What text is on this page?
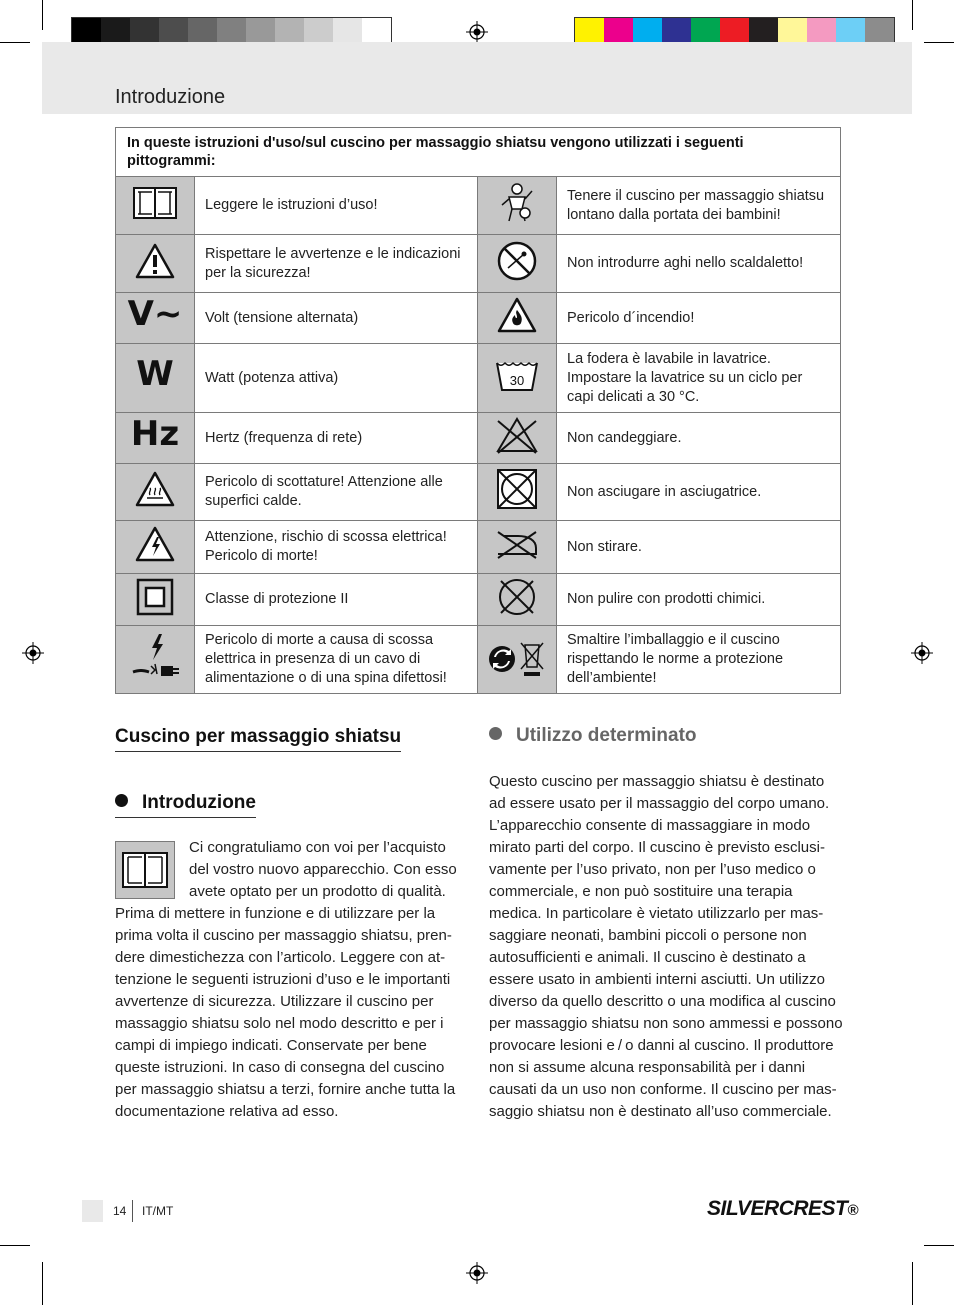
Introduzione
In queste istruzioni d'uso/sul cuscino per massaggio shiatsu vengono utilizzati i seguenti pittogrammi:			
	Leggere le istruzioni d’uso!		Tenere il cuscino per massaggio shiatsu lontano dalla portata dei bambini!
	Rispettare le avvertenze e le indicazioni per la sicurezza!		Non introdurre aghi nello scaldaletto!
V~	Volt (tensione alternata)		Pericolo d´incendio!
W	Watt (potenza attiva)	30	La fodera è lavabile in lavatrice. Impostare la lavatrice su un ciclo per capi delicati a 30 °C.
Hz	Hertz (frequenza di rete)		Non candeggiare.
	Pericolo di scottature! Attenzione alle superfici calde.		Non asciugare in asciugatrice.
	Attenzione, rischio di scossa elettrica! Pericolo di morte!		Non stirare.
	Classe di protezione II		Non pulire con prodotti chimici.
	Pericolo di morte a causa di scossa elettrica in presenza di un cavo di alimentazione o di una spina difettosi!		Smaltire l’imballaggio e il cuscino rispettando le norme a protezione dell’ambiente!
Cuscino per massaggio shiatsu
Introduzione
Ci congratuliamo con voi per l’acquisto
del vostro nuovo apparecchio. Con esso
avete optato per un prodotto di qualità.
Prima di mettere in funzione e di utilizzare per la
prima volta il cuscino per massaggio shiatsu, pren-
dere dimestichezza con l’articolo. Leggere con at-
tenzione le seguenti istruzioni d’uso e le importanti
avvertenze di sicurezza. Utilizzare il cuscino per
massaggio shiatsu solo nel modo descritto e per i
campi di impiego indicati. Conservate per bene
queste istruzioni. In caso di consegna del cuscino
per massaggio shiatsu a terzi, fornire anche tutta la
documentazione relativa ad esso.
Utilizzo determinato
Questo cuscino per massaggio shiatsu è destinato
ad essere usato per il massaggio del corpo umano.
L’apparecchio consente di massaggiare in modo
mirato parti del corpo. Il cuscino è previsto esclusi-
vamente per l’uso privato, non per l’uso medico o
commerciale, e non può sostituire una terapia
medica. In particolare è vietato utilizzarlo per mas-
saggiare neonati, bambini piccoli o persone non
autosufficienti e animali. Il cuscino è destinato a
essere usato in ambienti interni asciutti. Un utilizzo
diverso da quello descritto o una modifica al cuscino
per massaggio shiatsu non sono ammessi e possono
provocare lesioni e / o danni al cuscino. Il produttore
non si assume alcuna responsabilità per i danni
causati da un uso non conforme. Il cuscino per mas-
saggio shiatsu non è destinato all’uso commerciale.
14 IT/MT	SILVERCREST®
